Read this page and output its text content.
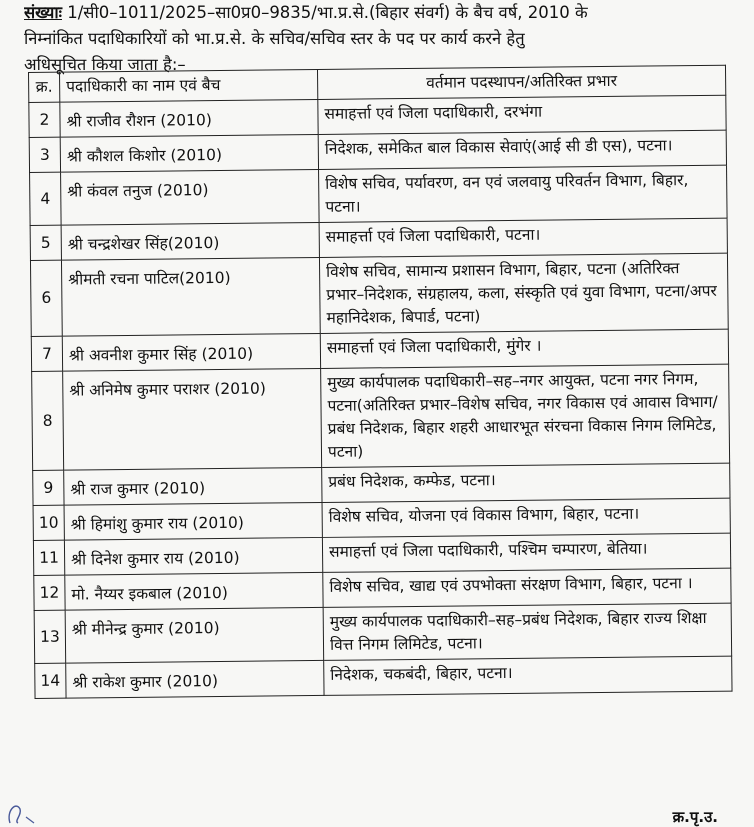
संख्याः 1/सी0–1011/2025–सा0प्र0–9835/भा.प्र.से.(बिहार संवर्ग) के बैच वर्ष, 2010 के
निम्नांकित पदाधिकारियों को भा.प्र.से. के सचिव/सचिव स्तर के पद पर कार्य करने हेतु
अधिसूचित किया जाता है:–
क्र.	पदाधिकारी का नाम एवं बैच	वर्तमान पदस्थापन/अतिरिक्त प्रभार
2	श्री राजीव रौशन (2010)	समाहर्त्ता एवं जिला पदाधिकारी, दरभंगा
3	श्री कौशल किशोर (2010)	निदेशक, समेकित बाल विकास सेवाएं(आई सी डी एस), पटना।
4	श्री कंवल तनुज (2010)	विशेष सचिव, पर्यावरण, वन एवं जलवायु परिवर्तन विभाग, बिहार, पटना।
5	श्री चन्द्रशेखर सिंह(2010)	समाहर्त्ता एवं जिला पदाधिकारी, पटना।
6	श्रीमती रचना पाटिल(2010)	विशेष सचिव, सामान्य प्रशासन विभाग, बिहार, पटना (अतिरिक्त प्रभार–निदेशक, संग्रहालय, कला, संस्कृति एवं युवा विभाग, पटना/अपर महानिदेशक, बिपार्ड, पटना)
7	श्री अवनीश कुमार सिंह (2010)	समाहर्त्ता एवं जिला पदाधिकारी, मुंगेर ।
8	श्री अनिमेष कुमार पराशर (2010)	मुख्य कार्यपालक पदाधिकारी–सह–नगर आयुक्त, पटना नगर निगम, पटना(अतिरिक्त प्रभार–विशेष सचिव, नगर विकास एवं आवास विभाग/प्रबंध निदेशक, बिहार शहरी आधारभूत संरचना विकास निगम लिमिटेड, पटना)
9	श्री राज कुमार (2010)	प्रबंध निदेशक, कम्फेड, पटना।
10	श्री हिमांशु कुमार राय (2010)	विशेष सचिव, योजना एवं विकास विभाग, बिहार, पटना।
11	श्री दिनेश कुमार राय (2010)	समाहर्त्ता एवं जिला पदाधिकारी, पश्चिम चम्पारण, बेतिया।
12	मो. नैय्यर इकबाल (2010)	विशेष सचिव, खाद्य एवं उपभोक्ता संरक्षण विभाग, बिहार, पटना ।
13	श्री मीनेन्द्र कुमार (2010)	मुख्य कार्यपालक पदाधिकारी–सह–प्रबंध निदेशक, बिहार राज्य शिक्षा वित्त निगम लिमिटेड, पटना।
14	श्री राकेश कुमार (2010)	निदेशक, चकबंदी, बिहार, पटना।
क्र.पृ.उ.
